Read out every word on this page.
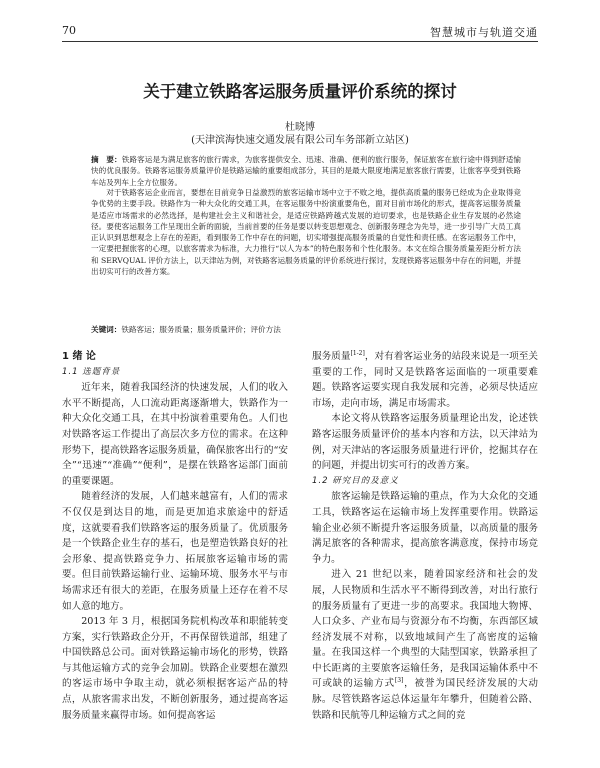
70	智慧城市与轨道交通
关于建立铁路客运服务质量评价系统的探讨
杜晓博
(天津滨海快速交通发展有限公司车务部新立站区)
摘　要：铁路客运是为满足旅客的旅行需求，为旅客提供安全、迅速、准确、便利的旅行服务，保证旅客在旅行途中得到舒适愉快的优良服务。铁路客运服务质量评价是铁路运输的重要组成部分，其目的是最大限度地满足旅客旅行需要，让旅客享受到铁路车站及列车上全方位服务。
对于铁路客运企业而言，要想在目前竞争日益激烈的旅客运输市场中立于不败之地，提供高质量的服务已经成为企业取得竞争优势的主要手段。铁路作为一种大众化的交通工具，在客运服务中扮演重要角色，面对目前市场化的形式，提高客运服务质量是适应市场需求的必然选择，是构建社会主义和谐社会，是适应铁路跨越式发展的迫切要求，也是铁路企业生存发展的必然途径。要使客运服务工作呈现出全新的面貌，当前首要的任务是要以转变思想观念、创新服务理念为先导，进一步引导广大员工真正认识到思想观念上存在的差距，看到服务工作中存在的问题，切实增强提高服务质量的自觉性和责任感。在客运服务工作中，一定要把握旅客的心理，以旅客需求为标准，大力推行“以人为本”的特色服务和个性化服务。本文在综合服务质量差距分析方法和 SERVQUAL 评价方法上，以天津站为例，对铁路客运服务质量的评价系统进行探讨，发现铁路客运服务中存在的问题，并提出切实可行的改善方案。
关键词：铁路客运；服务质量；服务质量评价；评价方法
1 绪 论
1.1 选题背景

近年来，随着我国经济的快速发展，人们的收入水平不断提高，人口流动距离逐渐增大，铁路作为一种大众化交通工具，在其中扮演着重要角色。人们也对铁路客运工作提出了高层次多方位的需求。在这种形势下，提高铁路客运服务质量，确保旅客出行的“安全”“迅速”“准确”“便利”，是摆在铁路客运部门面前的重要课题。

随着经济的发展，人们越来越富有，人们的需求不仅仅是到达目的地，而是更加追求旅途中的舒适度，这就要看我们铁路客运的服务质量了。优质服务是一个铁路企业生存的基石，也是塑造铁路良好的社会形象、提高铁路竞争力、拓展旅客运输市场的需要。但目前铁路运输行业、运输环境、服务水平与市场需求还有很大的差距，在服务质量上还存在着不尽如人意的地方。

2013 年 3 月，根据国务院机构改革和职能转变方案，实行铁路政企分开，不再保留铁道部，组建了中国铁路总公司。面对铁路运输市场化的形势，铁路与其他运输方式的竞争会加剧。铁路企业要想在激烈的客运市场中争取主动，就必须根据客运产品的特点，从旅客需求出发，不断创新服务，通过提高客运服务质量来赢得市场。如何提高客运

服务质量[1-2]，对有着客运业务的站段来说是一项至关重要的工作，同时又是铁路客运面临的一项重要难题。铁路客运要实现自我发展和完善，必须尽快适应市场，走向市场，满足市场需求。

本论文将从铁路客运服务质量理论出发，论述铁路客运服务质量评价的基本内容和方法，以天津站为例，对天津站的客运服务质量进行评价，挖掘其存在的问题，并提出切实可行的改善方案。

1.2 研究目的及意义

旅客运输是铁路运输的重点，作为大众化的交通工具，铁路客运在运输市场上发挥重要作用。铁路运输企业必须不断提升客运服务质量，以高质量的服务满足旅客的各种需求，提高旅客满意度，保持市场竞争力。

进入 21 世纪以来，随着国家经济和社会的发展，人民物质和生活水平不断得到改善，对出行旅行的服务质量有了更进一步的高要求。我国地大物博、人口众多、产业布局与资源分布不均衡，东西部区域经济发展不对称，以致地域间产生了高密度的运输量。在我国这样一个典型的大陆型国家，铁路承担了中长距离的主要旅客运输任务，是我国运输体系中不可或缺的运输方式[3]，被誉为国民经济发展的大动脉。尽管铁路客运总体运量年年攀升，但随着公路、铁路和民航等几种运输方式之间的竞
